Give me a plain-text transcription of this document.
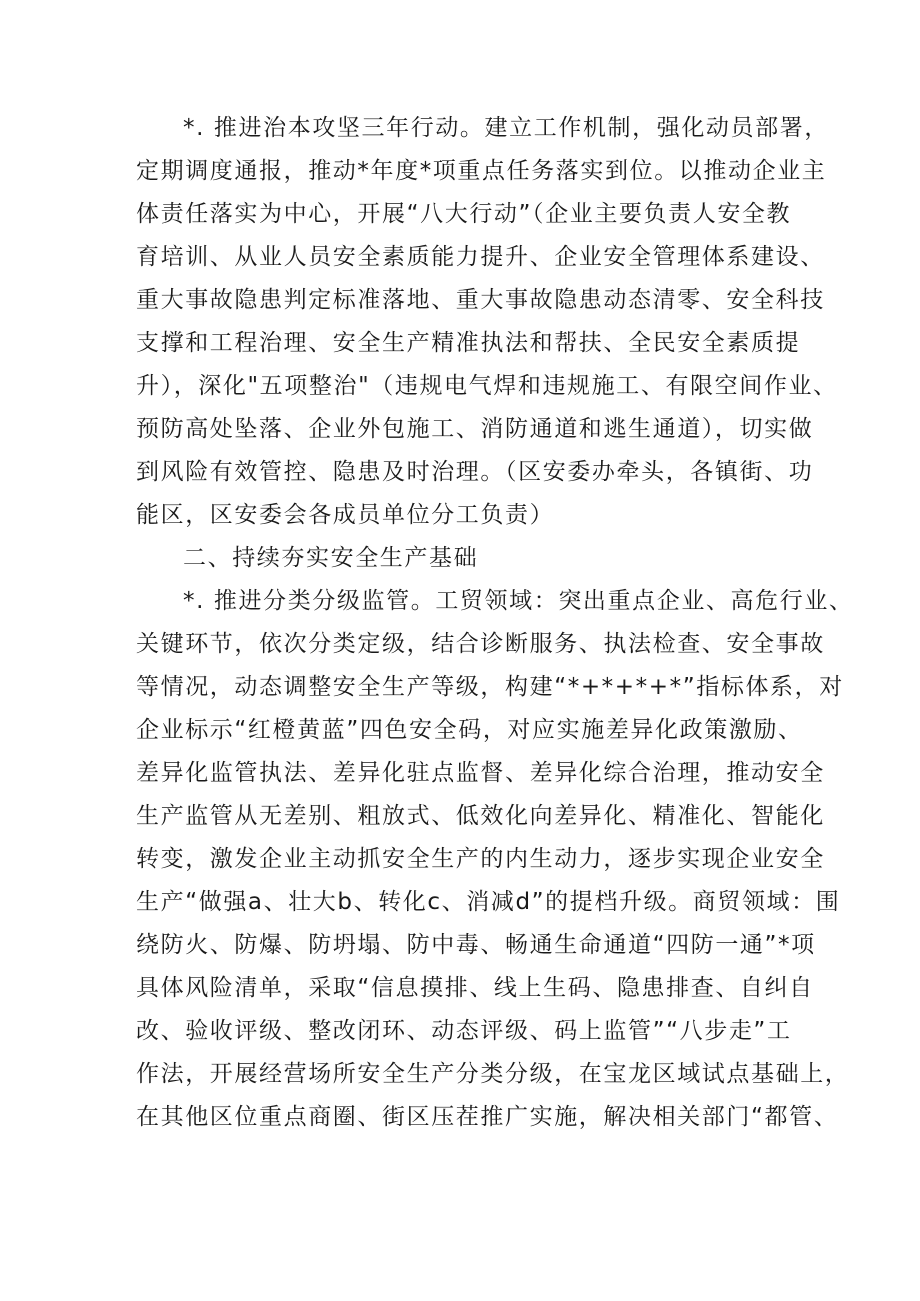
*. 推进治本攻坚三年行动。建立工作机制，强化动员部署，
定期调度通报，推动*年度*项重点任务落实到位。以推动企业主
体责任落实为中心，开展“八大行动”（企业主要负责人安全教
育培训、从业人员安全素质能力提升、企业安全管理体系建设、
重大事故隐患判定标准落地、重大事故隐患动态清零、安全科技
支撑和工程治理、安全生产精准执法和帮扶、全民安全素质提
升），深化"五项整治"（违规电气焊和违规施工、有限空间作业、
预防高处坠落、企业外包施工、消防通道和逃生通道），切实做
到风险有效管控、隐患及时治理。（区安委办牵头，各镇街、功
能区，区安委会各成员单位分工负责）
二、持续夯实安全生产基础
*. 推进分类分级监管。工贸领域：突出重点企业、高危行业、
关键环节，依次分类定级，结合诊断服务、执法检查、安全事故
等情况，动态调整安全生产等级，构建“*+*+*+*”指标体系，对
企业标示“红橙黄蓝”四色安全码，对应实施差异化政策激励、
差异化监管执法、差异化驻点监督、差异化综合治理，推动安全
生产监管从无差别、粗放式、低效化向差异化、精准化、智能化
转变，激发企业主动抓安全生产的内生动力，逐步实现企业安全
生产“做强a、壮大b、转化c、消减d”的提档升级。商贸领域：围
绕防火、防爆、防坍塌、防中毒、畅通生命通道“四防一通”*项
具体风险清单，采取“信息摸排、线上生码、隐患排查、自纠自
改、验收评级、整改闭环、动态评级、码上监管”“八步走”工
作法，开展经营场所安全生产分类分级，在宝龙区域试点基础上，
在其他区位重点商圈、街区压茬推广实施，解决相关部门“都管、
